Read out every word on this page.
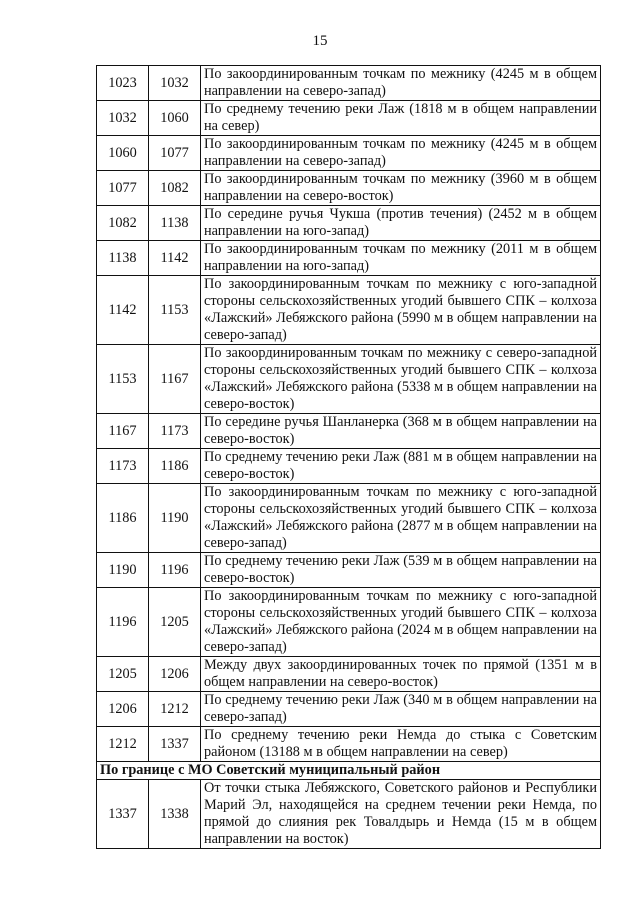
15
1023	1032	По закоординированным точкам по межнику (4245 м в общем направлении на северо-запад)
1032	1060	По среднему течению реки Лаж (1818 м в общем направлении на север)
1060	1077	По закоординированным точкам по межнику (4245 м в общем направлении на северо-запад)
1077	1082	По закоординированным точкам по межнику (3960 м в общем направлении на северо-восток)
1082	1138	По середине ручья Чукша (против течения) (2452 м в общем направлении на юго-запад)
1138	1142	По закоординированным точкам по межнику (2011 м в общем направлении на юго-запад)
1142	1153	По закоординированным точкам по межнику с юго-западной стороны сельскохозяйственных угодий бывшего СПК – колхоза «Лажский» Лебяжского района (5990 м в общем направлении на северо-запад)
1153	1167	По закоординированным точкам по межнику с северо-западной стороны сельскохозяйственных угодий бывшего СПК – колхоза «Лажский» Лебяжского района (5338 м в общем направлении на северо-восток)
1167	1173	По середине ручья Шанланерка (368 м в общем направлении на северо-восток)
1173	1186	По среднему течению реки Лаж (881 м в общем направлении на северо-восток)
1186	1190	По закоординированным точкам по межнику с юго-западной стороны сельскохозяйственных угодий бывшего СПК – колхоза «Лажский» Лебяжского района (2877 м в общем направлении на северо-запад)
1190	1196	По среднему течению реки Лаж (539 м в общем направлении на северо-восток)
1196	1205	По закоординированным точкам по межнику с юго-западной стороны сельскохозяйственных угодий бывшего СПК – колхоза «Лажский» Лебяжского района (2024 м в общем направлении на северо-запад)
1205	1206	Между двух закоординированных точек по прямой (1351 м в общем направлении на северо-восток)
1206	1212	По среднему течению реки Лаж (340 м в общем направлении на северо-запад)
1212	1337	По среднему течению реки Немда до стыка с Советским районом (13188 м в общем направлении на север)
По границе с МО Советский муниципальный район		
1337	1338	От точки стыка Лебяжского, Советского районов и Республики Марий Эл, находящейся на среднем течении реки Немда, по прямой до слияния рек Товалдырь и Немда (15 м в общем направлении на восток)
